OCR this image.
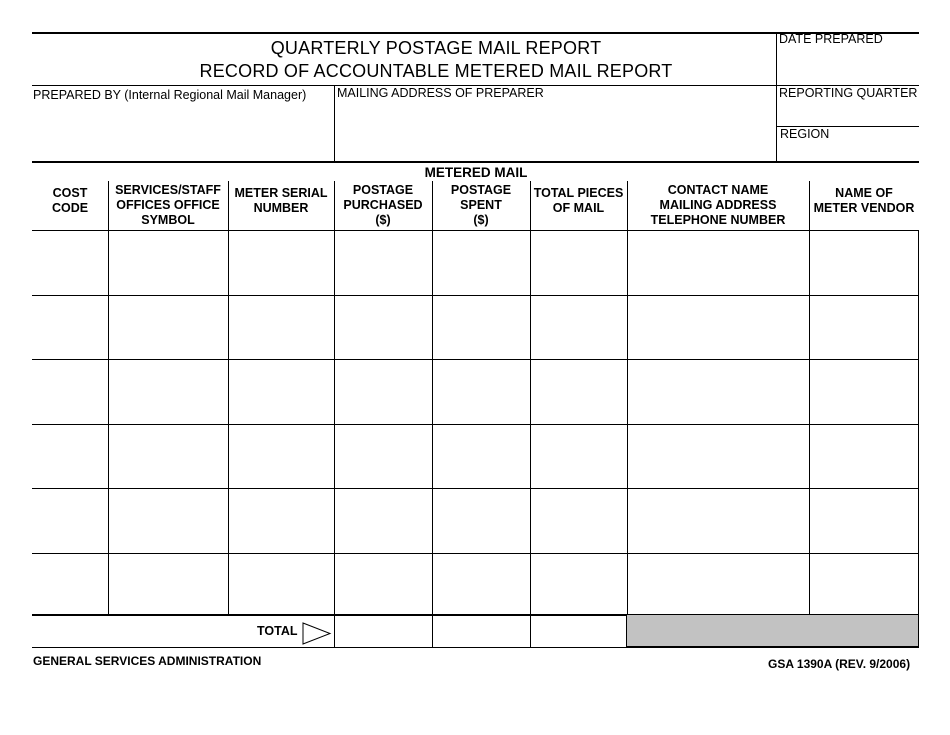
QUARTERLY POSTAGE MAIL REPORT
RECORD OF ACCOUNTABLE METERED MAIL REPORT
DATE PREPARED
PREPARED BY (Internal Regional Mail Manager) MAILING ADDRESS OF PREPARER	REPORTING QUARTER
REGION
METERED MAIL
COST
CODE
SERVICES/STAFF
OFFICES OFFICE
SYMBOL
METER SERIAL
NUMBER
POSTAGE
PURCHASED
($)
POSTAGE
SPENT
($)
TOTAL PIECES
OF MAIL
CONTACT NAME
MAILING ADDRESS
TELEPHONE NUMBER
NAME OF
METER VENDOR
TOTAL
GENERAL SERVICES ADMINISTRATION	GSA 1390A (REV. 9/2006)
